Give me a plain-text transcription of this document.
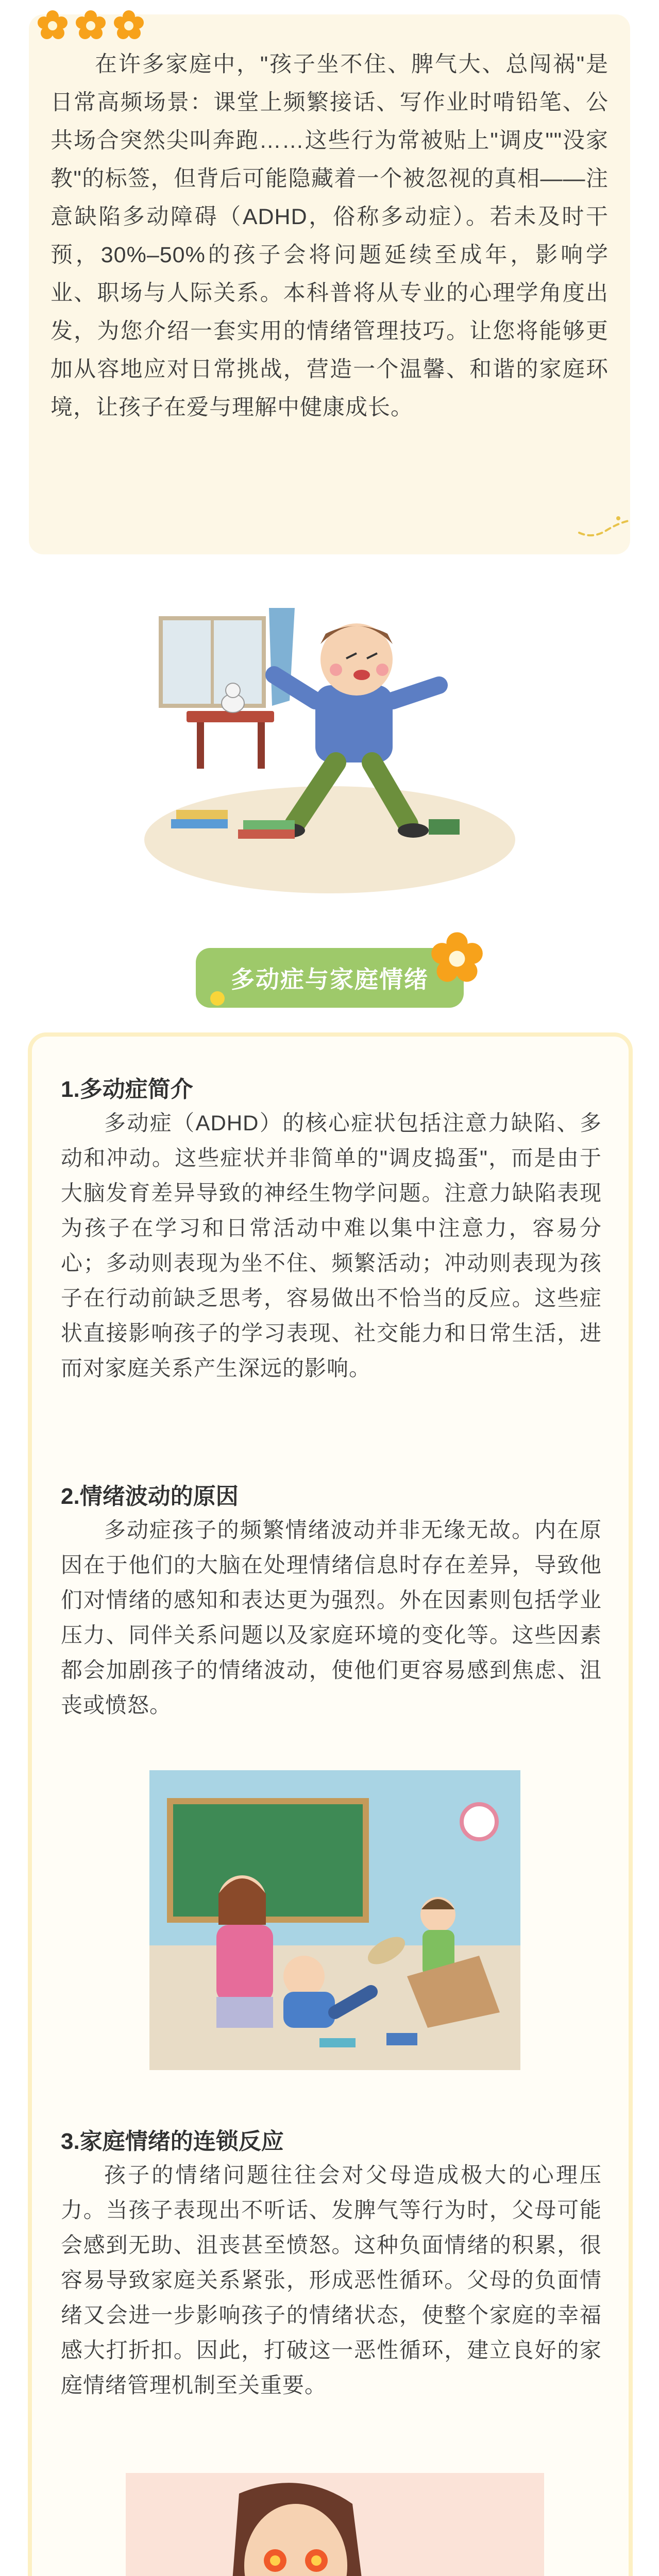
在许多家庭中，"孩子坐不住、脾气大、总闯祸"是日常高频场景：课堂上频繁接话、写作业时啃铅笔、公共场合突然尖叫奔跑……这些行为常被贴上"调皮""没家教"的标签，但背后可能隐藏着一个被忽视的真相——注意缺陷多动障碍（ADHD，俗称多动症）。若未及时干预，30%–50%的孩子会将问题延续至成年，影响学业、职场与人际关系。本科普将从专业的心理学角度出发，为您介绍一套实用的情绪管理技巧。让您将能够更加从容地应对日常挑战，营造一个温馨、和谐的家庭环境，让孩子在爱与理解中健康成长。
多动症与家庭情绪
1.多动症简介
多动症（ADHD）的核心症状包括注意力缺陷、多动和冲动。这些症状并非简单的"调皮捣蛋"，而是由于大脑发育差异导致的神经生物学问题。注意力缺陷表现为孩子在学习和日常活动中难以集中注意力，容易分心；多动则表现为坐不住、频繁活动；冲动则表现为孩子在行动前缺乏思考，容易做出不恰当的反应。这些症状直接影响孩子的学习表现、社交能力和日常生活，进而对家庭关系产生深远的影响。
2.情绪波动的原因
多动症孩子的频繁情绪波动并非无缘无故。内在原因在于他们的大脑在处理情绪信息时存在差异，导致他们对情绪的感知和表达更为强烈。外在因素则包括学业压力、同伴关系问题以及家庭环境的变化等。这些因素都会加剧孩子的情绪波动，使他们更容易感到焦虑、沮丧或愤怒。
3.家庭情绪的连锁反应
孩子的情绪问题往往会对父母造成极大的心理压力。当孩子表现出不听话、发脾气等行为时，父母可能会感到无助、沮丧甚至愤怒。这种负面情绪的积累，很容易导致家庭关系紧张，形成恶性循环。父母的负面情绪又会进一步影响孩子的情绪状态，使整个家庭的幸福感大打折扣。因此，打破这一恶性循环，建立良好的家庭情绪管理机制至关重要。
